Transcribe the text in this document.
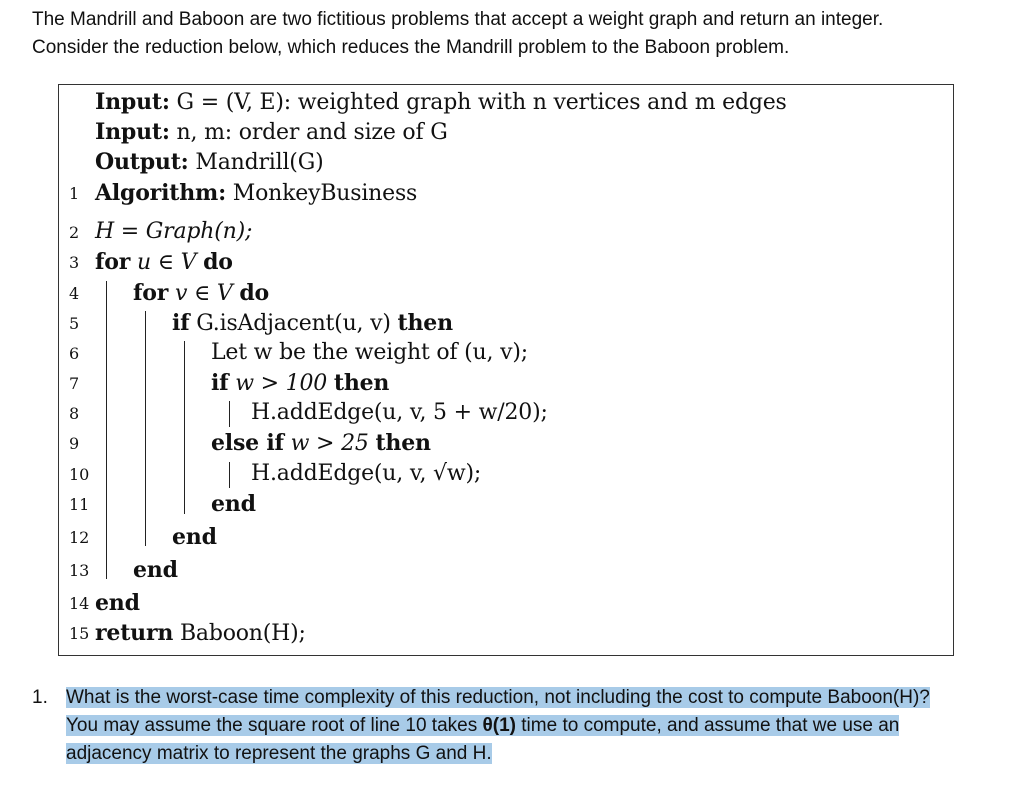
The Mandrill and Baboon are two fictitious problems that accept a weight graph and return an integer.

Consider the reduction below, which reduces the Mandrill problem to the Baboon problem.

Input: G = (V, E): weighted graph with n vertices and m edges
Input: n, m: order and size of G
Output: Mandrill(G)
1 Algorithm: MonkeyBusiness
2 H = Graph(n);
3 for u ∈ V do
4	for v ∈ V do
5	if G.isAdjacent(u, v) then
6	Let w be the weight of (u, v);
7	if w > 100 then
8	H.addEdge(u, v, 5 + w/20);
9	else if w > 25 then
10	H.addEdge(u, v, √w);
11	end
12	end
13 end
14 end
15 return Baboon(H);
1. What is the worst-case time complexity of this reduction, not including the cost to compute Baboon(H)? You may assume the square root of line 10 takes θ(1) time to compute, and assume that we use an adjacency matrix to represent the graphs G and H.
